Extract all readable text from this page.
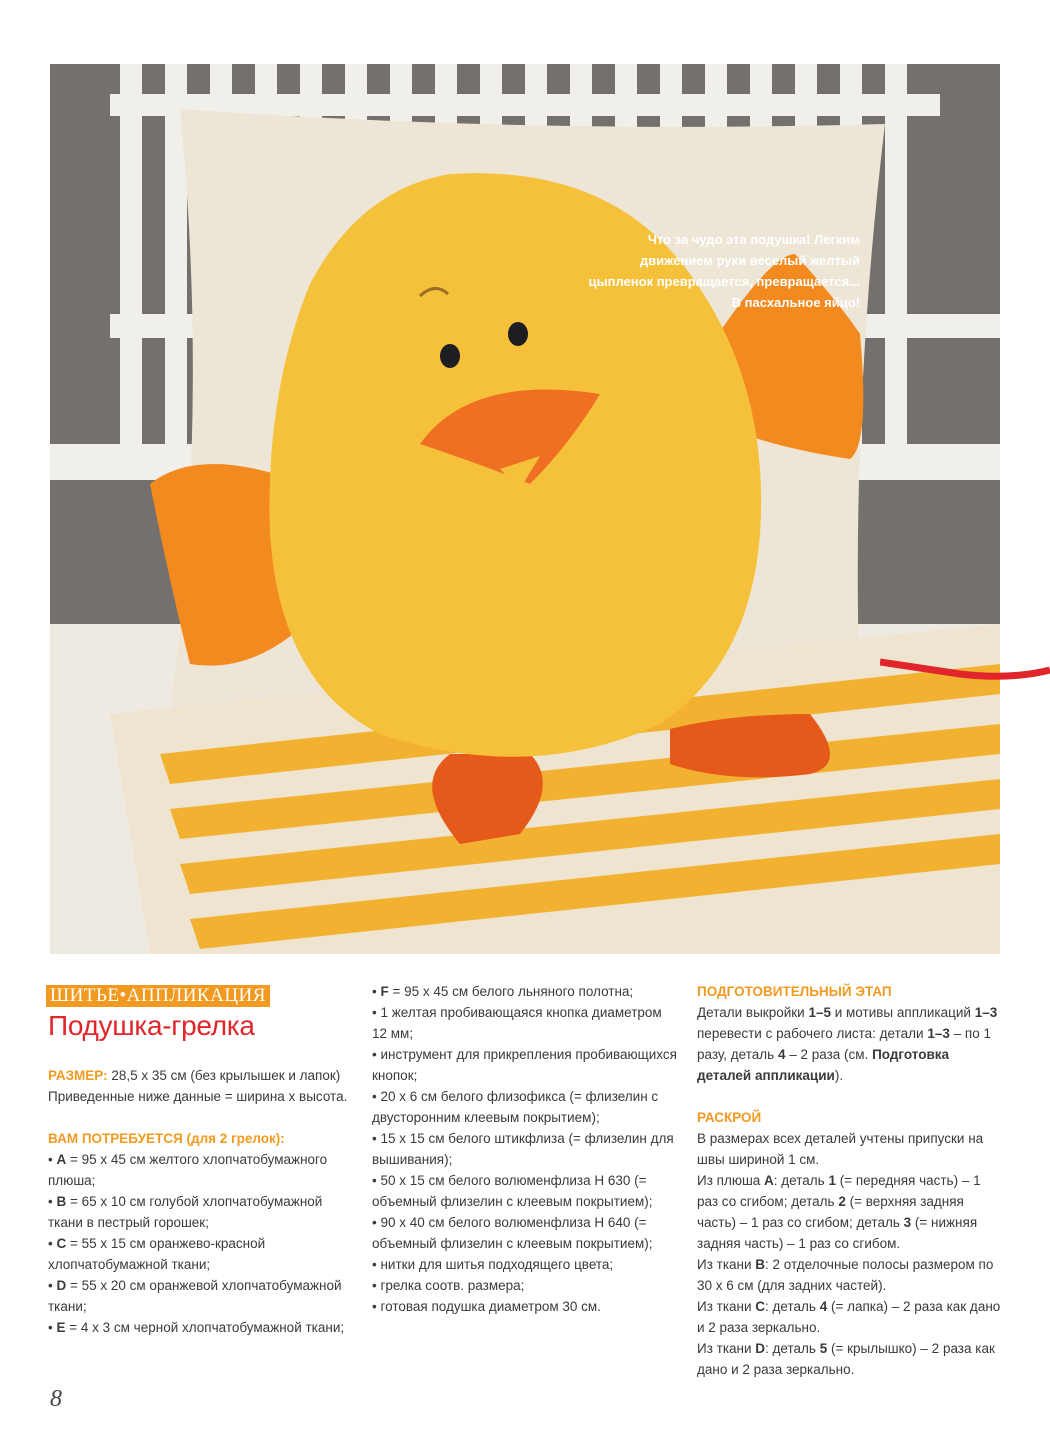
Что за чудо эта подушка! Легким движением руки веселый желтый цыпленок превращается, превращается... В пасхальное яйцо!
ШИТЬЕ•АППЛИКАЦИЯ
Подушка-грелка

РАЗМЕР: 28,5 х 35 см (без крылышек и лапок)
Приведенные ниже данные = ширина х высота.

ВАМ ПОТРЕБУЕТСЯ (для 2 грелок):

• A = 95 х 45 см желтого хлопчатобумажного плюша;

• B = 65 х 10 см голубой хлопчатобумажной ткани в пестрый горошек;

• C = 55 х 15 см оранжево-красной хлопчатобумажной ткани;

• D = 55 х 20 см оранжевой хлопчатобумажной ткани;

• E = 4 х 3 см черной хлопчатобумажной ткани;

• F = 95 х 45 см белого льняного полотна;

• 1 желтая пробивающаяся кнопка диаметром 12 мм;

• инструмент для прикрепления пробивающихся кнопок;

• 20 х 6 см белого флизофикса (= флизелин с двусторонним клеевым покрытием);

• 15 х 15 см белого штикфлиза (= флизелин для вышивания);

• 50 х 15 см белого волюменфлиза H 630 (= объемный флизелин с клеевым покрытием);

• 90 х 40 см белого волюменфлиза H 640 (= объемный флизелин с клеевым покрытием);

• нитки для шитья подходящего цвета;

• грелка соотв. размера;

• готовая подушка диаметром 30 см.

ПОДГОТОВИТЕЛЬНЫЙ ЭТАП

Детали выкройки 1–5 и мотивы аппликаций 1–3 перевести с рабочего листа: детали 1–3 – по 1 разу, деталь 4 – 2 раза (см. Подготовка деталей аппликации).

РАСКРОЙ

В размерах всех деталей учтены припуски на швы шириной 1 см.

Из плюша A: деталь 1 (= передняя часть) – 1 раз со сгибом; деталь 2 (= верхняя задняя часть) – 1 раз со сгибом; деталь 3 (= нижняя задняя часть) – 1 раз со сгибом.

Из ткани B: 2 отделочные полосы размером по 30 х 6 см (для задних частей).

Из ткани C: деталь 4 (= лапка) – 2 раза как дано и 2 раза зеркально.

Из ткани D: деталь 5 (= крылышко) – 2 раза как дано и 2 раза зеркально.

8
